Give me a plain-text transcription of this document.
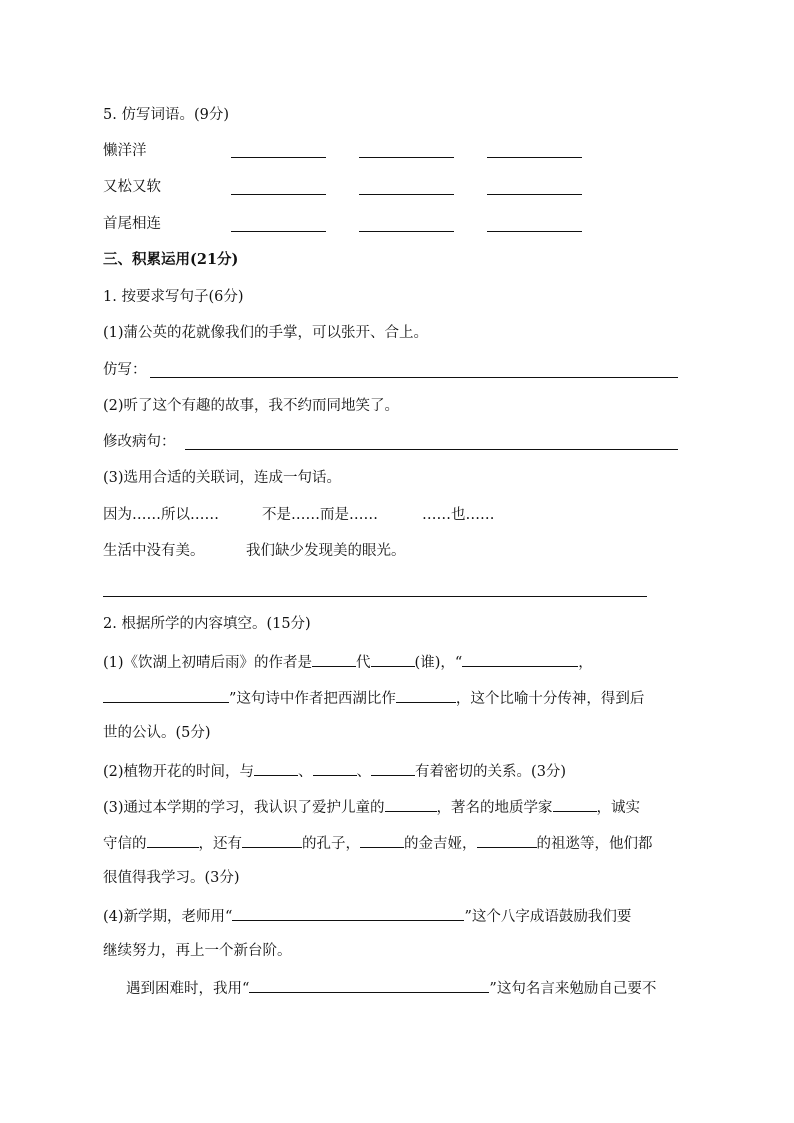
5. 仿写词语。(9分)
懒洋洋
又松又软
首尾相连
三、积累运用(21分)
1. 按要求写句子(6分)
(1)蒲公英的花就像我们的手掌，可以张开、合上。
仿写：
(2)听了这个有趣的故事，我不约而同地笑了。
修改病句：
(3)选用合适的关联词，连成一句话。
因为……所以……	不是……而是……	……也……
生活中没有美。	我们缺少发现美的眼光。
2. 根据所学的内容填空。(15分)
(1)《饮湖上初晴后雨》的作者是	代	(谁)，“	，
”这句诗中作者把西湖比作	，这个比喻十分传神，得到后
世的公认。(5分)
(2)植物开花的时间，与	、	、	有着密切的关系。(3分)
(3)通过本学期的学习，我认识了爱护儿童的	，著名的地质学家	，诚实
守信的	，还有	的孔子，	的金吉娅，	的祖逖等，他们都
很值得我学习。(3分)
(4)新学期，老师用“	”这个八字成语鼓励我们要
继续努力，再上一个新台阶。
遇到困难时，我用“	”这句名言来勉励自己要不
